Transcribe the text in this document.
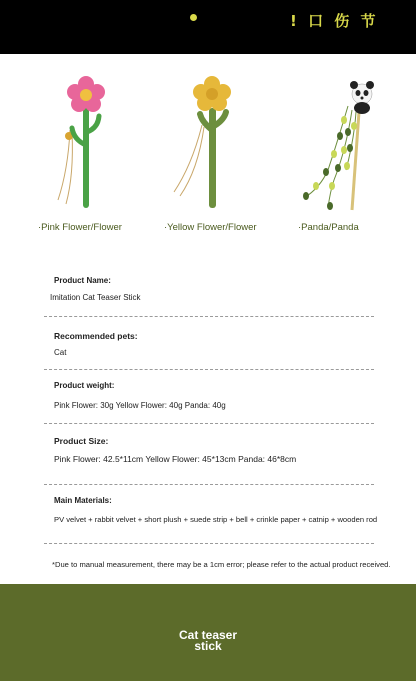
! 口 伤 节
·Pink Flower/Flower	·Yellow Flower/Flower	·Panda/Panda
Product Name:
Imitation Cat Teaser Stick
Recommended pets:
Cat
Product weight:
Pink Flower: 30g Yellow Flower: 40g Panda: 40g
Product Size:
Pink Flower: 42.5*11cm Yellow Flower: 45*13cm Panda: 46*8cm
Main Materials:
PV velvet + rabbit velvet + short plush + suede strip + bell + crinkle paper + catnip + wooden rod
*Due to manual measurement, there may be a 1cm error; please refer to the actual product received.
Cat teaser
stick
